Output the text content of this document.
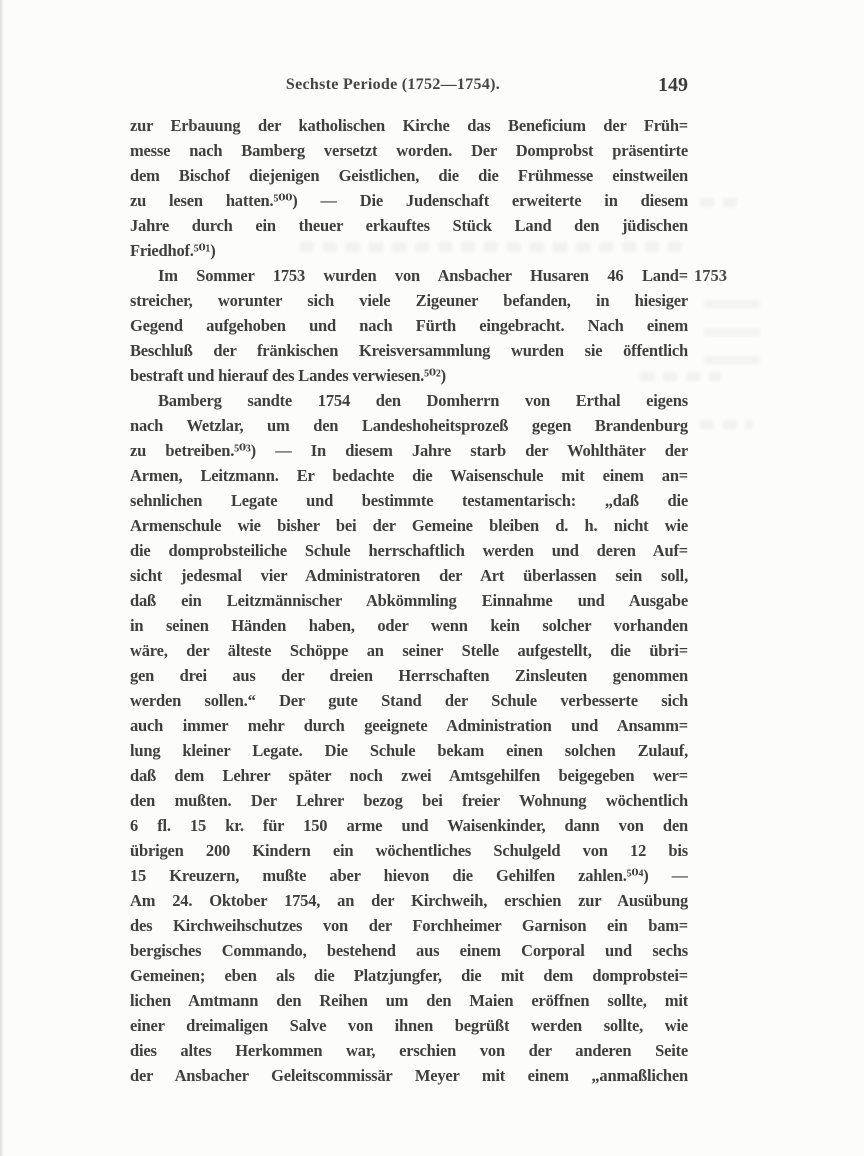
Sechste Periode (1752—1754).	149
zur Erbauung der katholischen Kirche das Beneficium der Früh=
messe nach Bamberg versetzt worden. Der Domprobst präsentirte
dem Bischof diejenigen Geistlichen, die die Frühmesse einstweilen
zu lesen hatten.⁵⁰⁰) — Die Judenschaft erweiterte in diesem
Jahre durch ein theuer erkauftes Stück Land den jüdischen
Friedhof.⁵⁰¹)
Im Sommer 1753 wurden von Ansbacher Husaren 46 Land=
streicher, worunter sich viele Zigeuner befanden, in hiesiger
Gegend aufgehoben und nach Fürth eingebracht. Nach einem
Beschluß der fränkischen Kreisversammlung wurden sie öffentlich
bestraft und hierauf des Landes verwiesen.⁵⁰²)
Bamberg sandte 1754 den Domherrn von Erthal eigens
nach Wetzlar, um den Landeshoheitsprozeß gegen Brandenburg
zu betreiben.⁵⁰³) — In diesem Jahre starb der Wohlthäter der
Armen, Leitzmann. Er bedachte die Waisenschule mit einem an=
sehnlichen Legate und bestimmte testamentarisch: „daß die
Armenschule wie bisher bei der Gemeine bleiben d. h. nicht wie
die domprobsteiliche Schule herrschaftlich werden und deren Auf=
sicht jedesmal vier Administratoren der Art überlassen sein soll,
daß ein Leitzmännischer Abkömmling Einnahme und Ausgabe
in seinen Händen haben, oder wenn kein solcher vorhanden
wäre, der älteste Schöppe an seiner Stelle aufgestellt, die übri=
gen drei aus der dreien Herrschaften Zinsleuten genommen
werden sollen.“ Der gute Stand der Schule verbesserte sich
auch immer mehr durch geeignete Administration und Ansamm=
lung kleiner Legate. Die Schule bekam einen solchen Zulauf,
daß dem Lehrer später noch zwei Amtsgehilfen beigegeben wer=
den mußten. Der Lehrer bezog bei freier Wohnung wöchentlich
6 fl. 15 kr. für 150 arme und Waisenkinder, dann von den
übrigen 200 Kindern ein wöchentliches Schulgeld von 12 bis
15 Kreuzern, mußte aber hievon die Gehilfen zahlen.⁵⁰⁴) —
Am 24. Oktober 1754, an der Kirchweih, erschien zur Ausübung
des Kirchweihschutzes von der Forchheimer Garnison ein bam=
bergisches Commando, bestehend aus einem Corporal und sechs
Gemeinen; eben als die Platzjungfer, die mit dem domprobstei=
lichen Amtmann den Reihen um den Maien eröffnen sollte, mit
einer dreimaligen Salve von ihnen begrüßt werden sollte, wie
dies altes Herkommen war, erschien von der anderen Seite
der Ansbacher Geleitscommissär Meyer mit einem „anmaßlichen
1753
